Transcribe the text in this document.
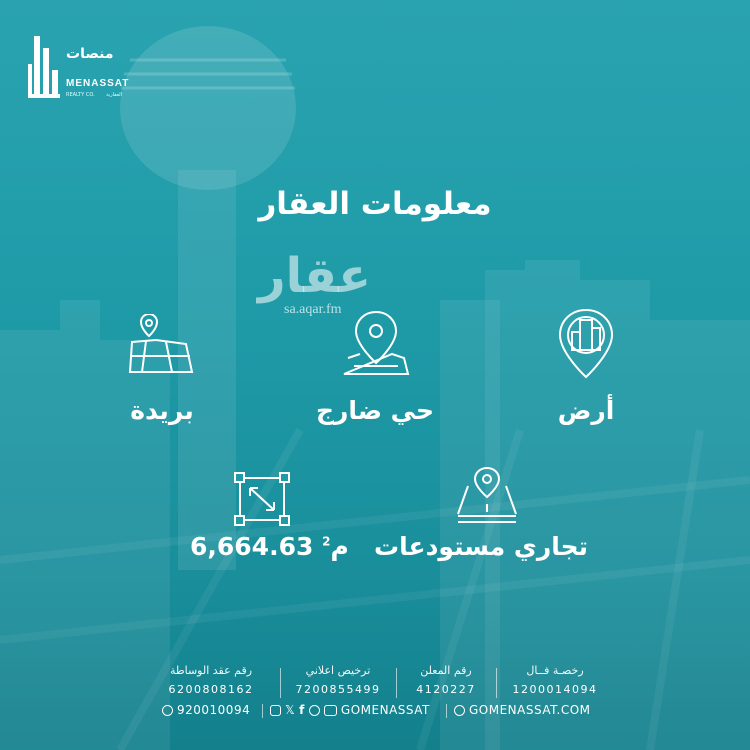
منصات
MENASSAT
REALTY CO. العقارية
معلومات العقار
عقار
sa.aqar.fm
بريدة	حي ضارج	أرض
6,664.63 م$^2$	تجاري مستودعات
رخصـة فــال
1200014094
رقم المعلن
4120227
ترخيص اعلاني
7200855499
رقم عقد الوساطة
6200808162
920010094	𝕏 f	GOMENASSAT	GOMENASSAT.COM
